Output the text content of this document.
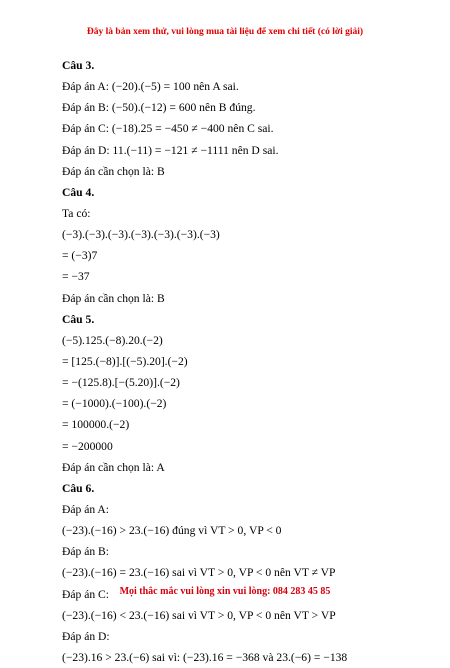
Đây là bản xem thử, vui lòng mua tài liệu để xem chi tiết (có lời giải)
Câu 3.
Đáp án A: (−20).(−5) = 100 nên A sai.
Đáp án B: (−50).(−12) = 600 nên B đúng.
Đáp án C: (−18).25 = −450 ≠ −400 nên C sai.
Đáp án D: 11.(−11) = −121 ≠ −1111 nên D sai.
Đáp án cần chọn là: B
Câu 4.
Ta có:
(−3).(−3).(−3).(−3).(−3).(−3).(−3)
= (−3)7
= −37
Đáp án cần chọn là: B
Câu 5.
(−5).125.(−8).20.(−2)
= [125.(−8)].[(−5).20].(−2)
= −(125.8).[−(5.20)].(−2)
= (−1000).(−100).(−2)
= 100000.(−2)
= −200000
Đáp án cần chọn là: A
Câu 6.
Đáp án A:
(−23).(−16) > 23.(−16) đúng vì VT > 0, VP < 0
Đáp án B:
(−23).(−16) = 23.(−16) sai vì VT > 0, VP < 0 nên VT ≠ VP
Đáp án C:
(−23).(−16) < 23.(−16) sai vì VT > 0, VP < 0 nên VT > VP
Đáp án D:
(−23).16 > 23.(−6) sai vì: (−23).16 = −368 và 23.(−6) = −138
Mọi thắc mắc vui lòng xin vui lòng: 084 283 45 85
